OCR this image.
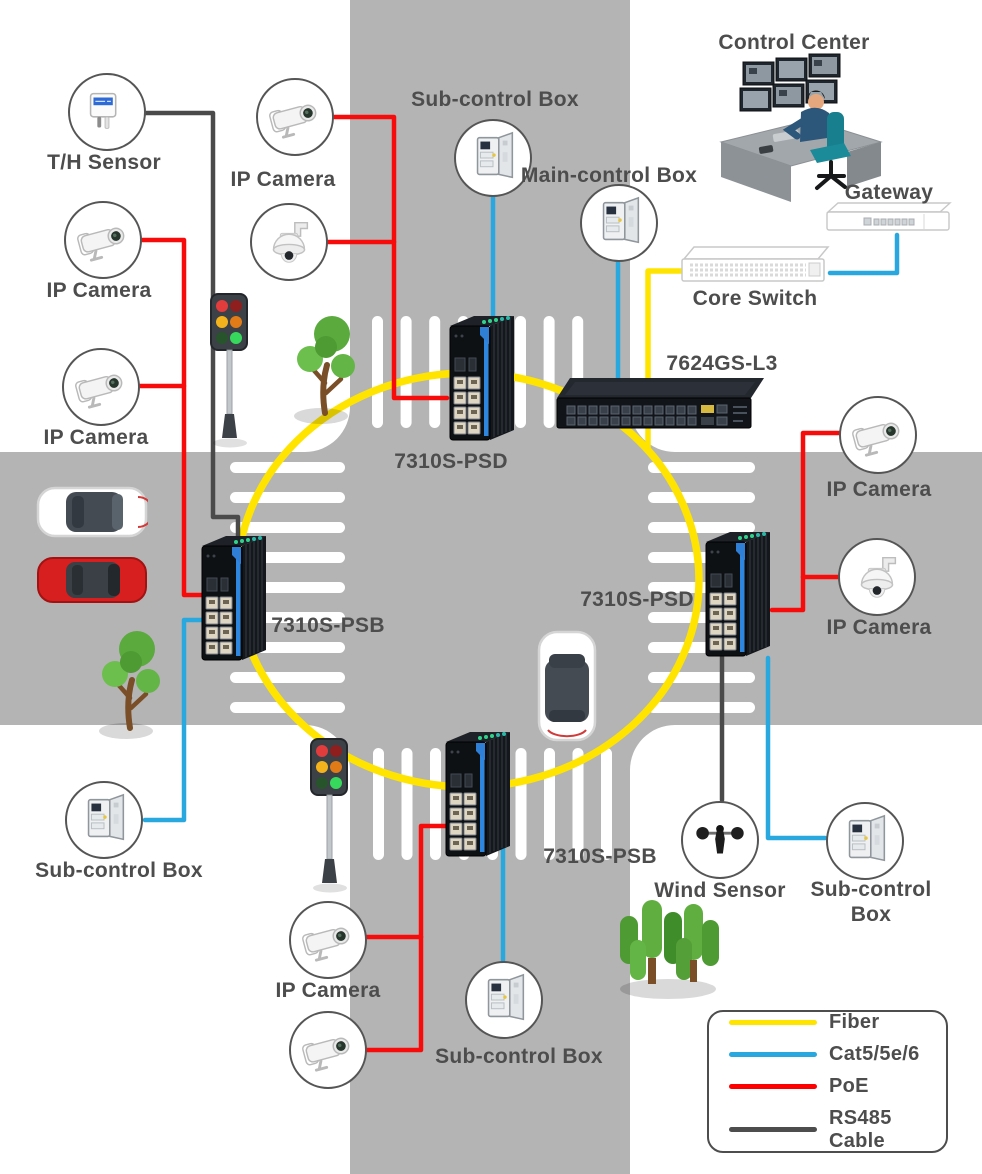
T/H Sensor
IP Camera
IP Camera
IP Camera
Sub-control Box
Main-control Box
Control Center
Gateway
Core Switch
7624GS-L3
7310S-PSD
7310S-PSB
7310S-PSD
7310S-PSB
IP Camera
IP Camera
Wind Sensor	Sub-control
Box
Sub-control Box
IP Camera
Sub-control Box
Fiber
Cat5/5e/6
PoE
RS485 Cable
